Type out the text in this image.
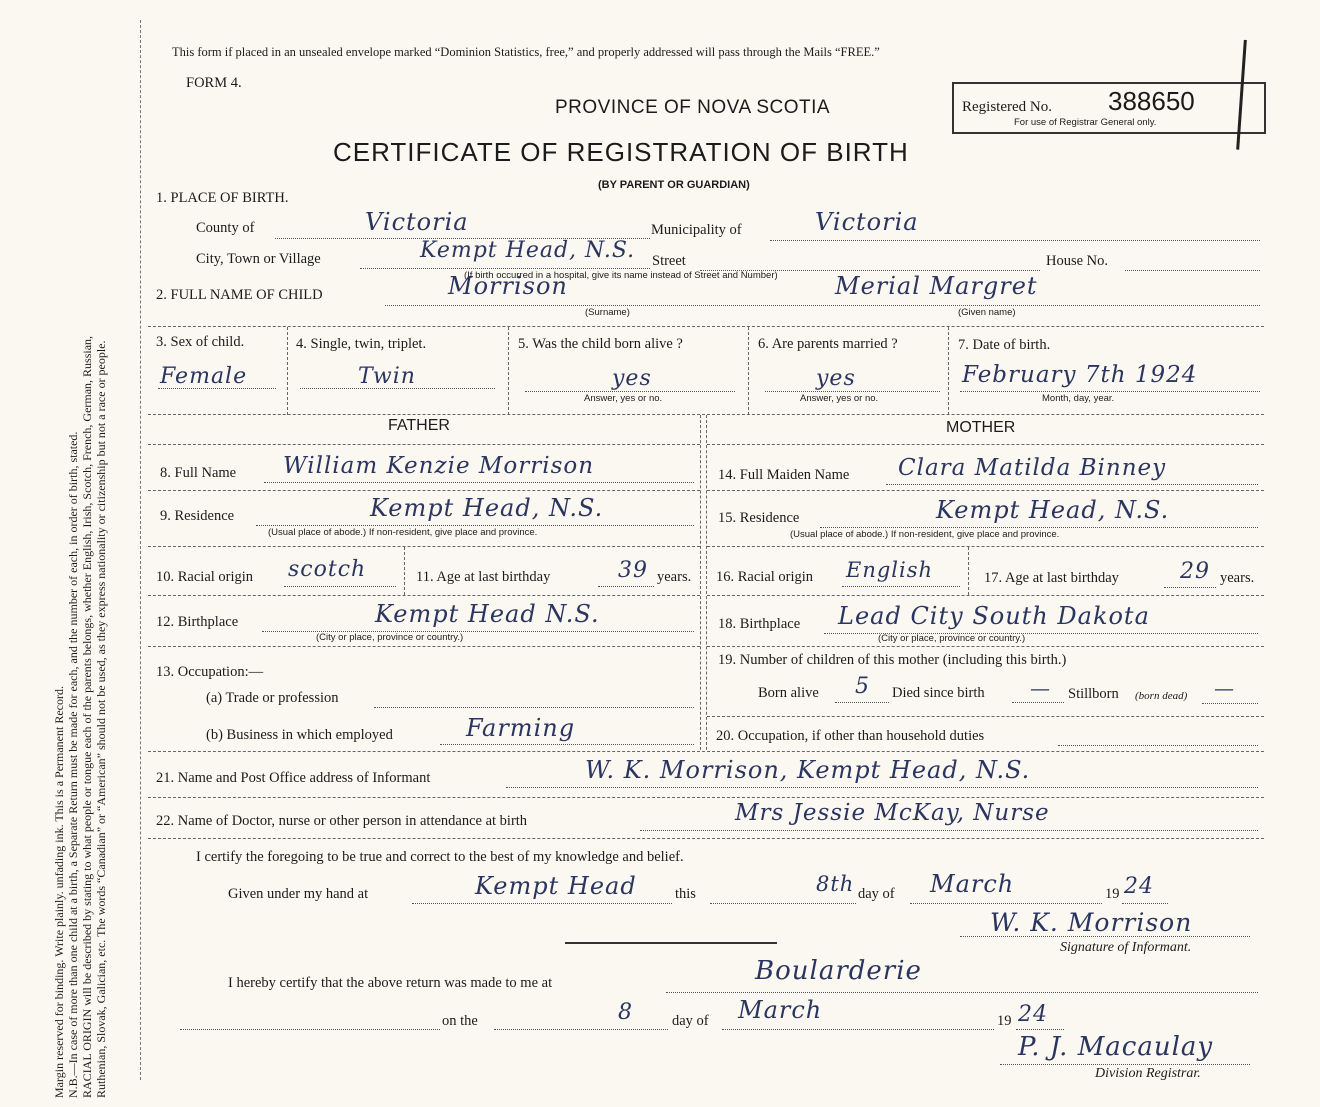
Margin reserved for binding. Write plainly. unfading ink. This is a Permanent Record. N.B.—In case of more than one child at a birth, a Separate Return must be made for each, and the number of each, in order of birth, stated. RACIAL ORIGIN will be described by stating to what people or tongue each of the parents belongs, whether English, Irish, Scotch, French, German, Russian, Ruthenian, Slovak, Galician, etc. The words “Canadian” or “American” should not be used, as they express nationality or citizenship but not a race or people.
This form if placed in an unsealed envelope marked “Dominion Statistics, free,” and properly addressed will pass through the Mails “FREE.”
FORM 4.
PROVINCE OF NOVA SCOTIA
CERTIFICATE OF REGISTRATION OF BIRTH
(BY PARENT OR GUARDIAN)
Registered No. 388650
For use of Registrar General only.
1. PLACE OF BIRTH.
County of	Victoria	Municipality of	Victoria
City, Town or Village	Kempt Head, N.S. Street	House No.
(If birth occurred in a hospital, give its name instead of Street and Number)
2. FULL NAME OF CHILD	Morrison
(Surname)
Merial Margret
(Given name)
3. Sex of child.
Female
4. Single, twin, triplet.
Twin
5. Was the child born alive ?
yes
Answer, yes or no.
6. Are parents married ?
yes
Answer, yes or no.
7. Date of birth.
February 7th 1924
Month, day, year.
FATHER	MOTHER
8. Full Name William Kenzie Morrison	14. Full Maiden Name Clara Matilda Binney
9. Residence	Kempt Head, N.S.
(Usual place of abode.) If non-resident, give place and province.
15. Residence	Kempt Head, N.S.
(Usual place of abode.) If non-resident, give place and province.
10. Racial origin scotch	11. Age at last birthday	39 years. 16. Racial origin English	17. Age at last birthday	29 years.
12. Birthplace	Kempt Head N.S.
(City or place, province or country.)
18. Birthplace Lead City South Dakota
(City or place, province or country.)
13. Occupation:—
(a) Trade or profession
(b) Business in which employed	Farming
19. Number of children of this mother (including this birth.)
Born alive 5 Died since birth — Stillborn (born dead) —
20. Occupation, if other than household duties
21. Name and Post Office address of Informant	W. K. Morrison, Kempt Head, N.S.
22. Name of Doctor, nurse or other person in attendance at birth	Mrs Jessie McKay, Nurse
I certify the foregoing to be true and correct to the best of my knowledge and belief.
Given under my hand at	Kempt Head	this	8th day of March	19 24
W. K. Morrison
Signature of Informant.
I hereby certify that the above return was made to me at	Boularderie
on the	8	day of March	19 24
P. J. Macaulay
Division Registrar.
